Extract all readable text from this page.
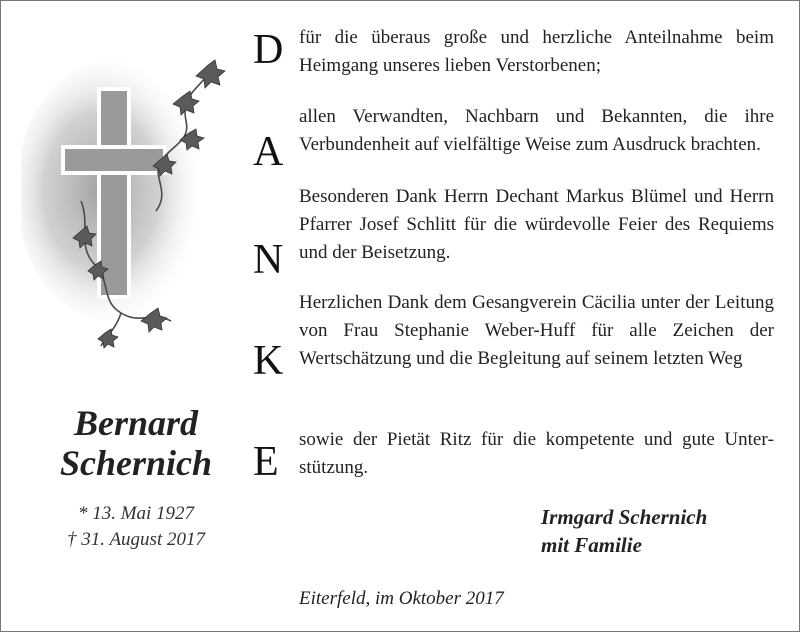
Bernard
Schernich
* 13. Mai 1927
† 31. August 2017
D
A
N
K
E
für die überaus große und herzliche Anteilnahme beim Heimgang unseres lieben Verstorbenen;
allen Verwandten, Nachbarn und Bekannten, die ihre Verbundenheit auf vielfältige Weise zum Ausdruck brachten.
Besonderen Dank Herrn Dechant Markus Blümel und Herrn Pfarrer Josef Schlitt für die würdevolle Feier des Requiems und der Beisetzung.
Herzlichen Dank dem Gesangverein Cäcilia unter der Leitung von Frau Stephanie Weber-Huff für alle Zeichen der Wertschätzung und die Begleitung auf seinem letzten Weg
sowie der Pietät Ritz für die kompetente und gute Unterstützung.
Irmgard Schernich
mit Familie
Eiterfeld, im Oktober 2017
